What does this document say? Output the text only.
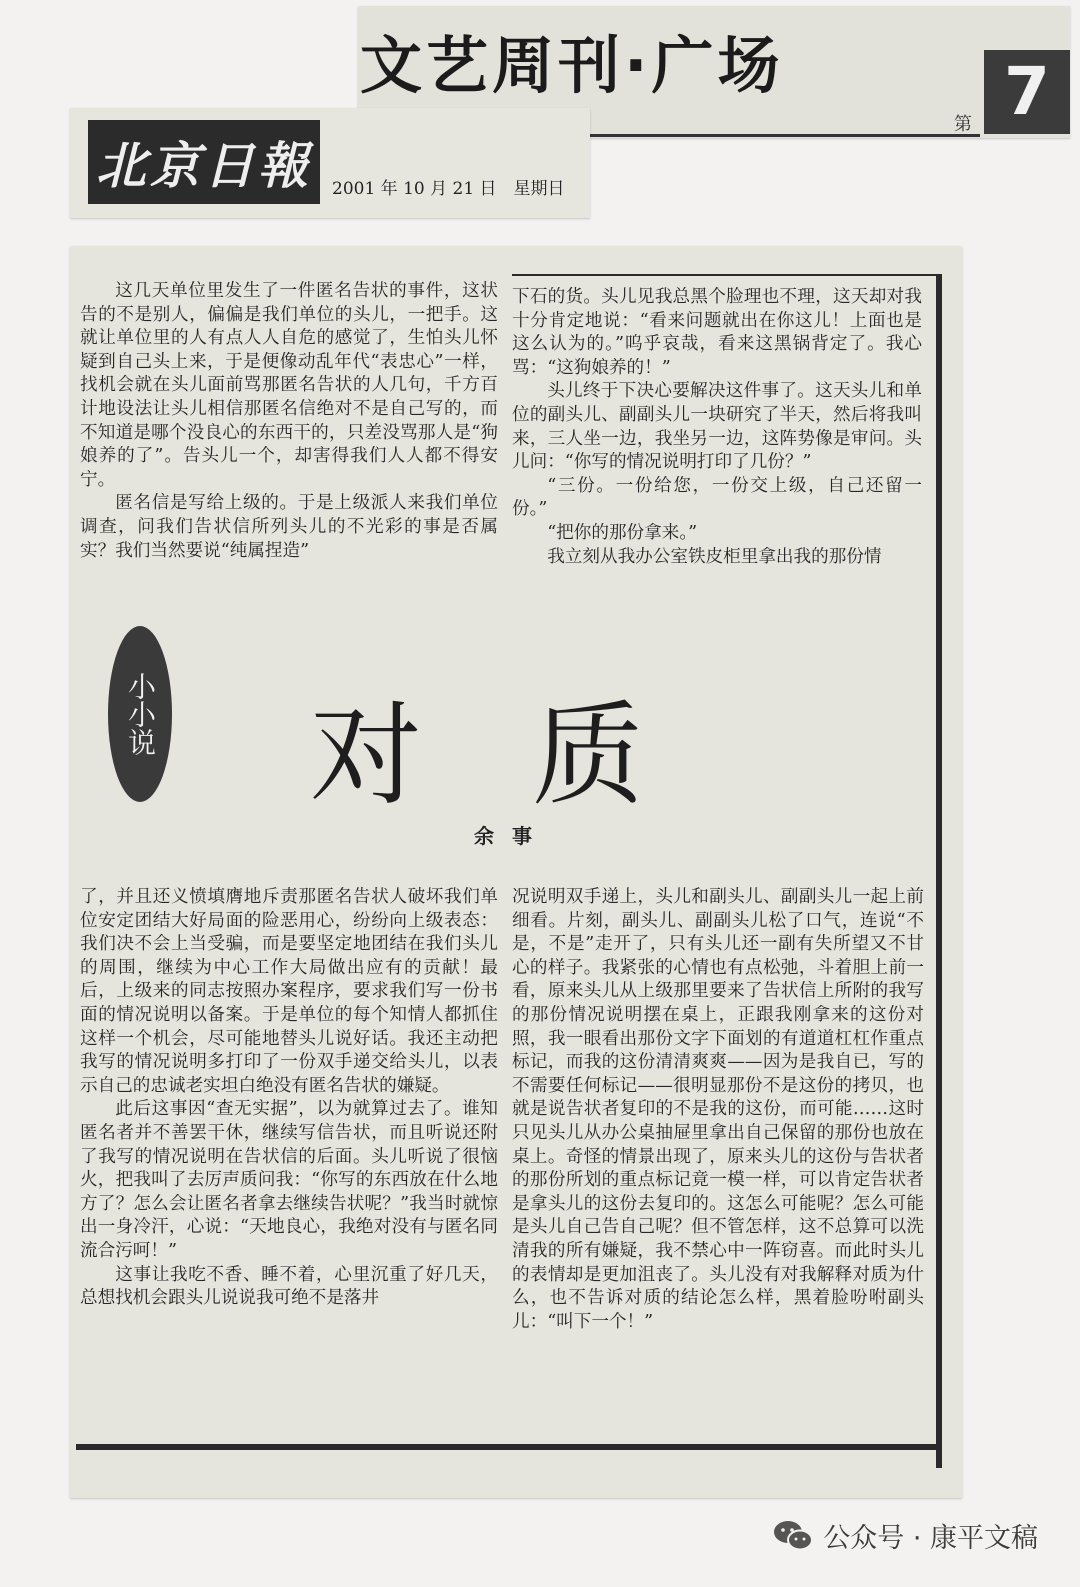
文艺周刊·广场
第 7
北京日報	2001 年 10 月 21 日　星期日

这几天单位里发生了一件匿名告状的事件，这状告的不是别人，偏偏是我们单位的头儿，一把手。这就让单位里的人有点人人自危的感觉了，生怕头儿怀疑到自己头上来，于是便像动乱年代“表忠心”一样，找机会就在头儿面前骂那匿名告状的人几句，千方百计地设法让头儿相信那匿名信绝对不是自己写的，而不知道是哪个没良心的东西干的，只差没骂那人是“狗娘养的了”。告头儿一个，却害得我们人人都不得安宁。

匿名信是写给上级的。于是上级派人来我们单位调查，问我们告状信所列头儿的不光彩的事是否属实？我们当然要说“纯属捏造”

下石的货。头儿见我总黑个脸理也不理，这天却对我十分肯定地说：“看来问题就出在你这儿！上面也是这么认为的。”呜乎哀哉，看来这黑锅背定了。我心骂：“这狗娘养的！”

头儿终于下决心要解决这件事了。这天头儿和单位的副头儿、副副头儿一块研究了半天，然后将我叫来，三人坐一边，我坐另一边，这阵势像是审问。头儿问：“你写的情况说明打印了几份？”

“三份。一份给您，一份交上级，自己还留一份。”

“把你的那份拿来。”

我立刻从我办公室铁皮柜里拿出我的那份情

小小说 对质
余事

了，并且还义愤填膺地斥责那匿名告状人破坏我们单位安定团结大好局面的险恶用心，纷纷向上级表态：我们决不会上当受骗，而是要坚定地团结在我们头儿的周围，继续为中心工作大局做出应有的贡献！最后，上级来的同志按照办案程序，要求我们写一份书面的情况说明以备案。于是单位的每个知情人都抓住这样一个机会，尽可能地替头儿说好话。我还主动把我写的情况说明多打印了一份双手递交给头儿，以表示自己的忠诚老实坦白绝没有匿名告状的嫌疑。

此后这事因“查无实据”，以为就算过去了。谁知匿名者并不善罢干休，继续写信告状，而且听说还附了我写的情况说明在告状信的后面。头儿听说了很恼火，把我叫了去厉声质问我：“你写的东西放在什么地方了？怎么会让匿名者拿去继续告状呢？”我当时就惊出一身冷汗，心说：“天地良心，我绝对没有与匿名同流合污呵！”

这事让我吃不香、睡不着，心里沉重了好几天，总想找机会跟头儿说说我可绝不是落井

况说明双手递上，头儿和副头儿、副副头儿一起上前细看。片刻，副头儿、副副头儿松了口气，连说“不是，不是”走开了，只有头儿还一副有失所望又不甘心的样子。我紧张的心情也有点松弛，斗着胆上前一看，原来头儿从上级那里要来了告状信上所附的我写的那份情况说明摆在桌上，正跟我刚拿来的这份对照，我一眼看出那份文字下面划的有道道杠杠作重点标记，而我的这份清清爽爽——因为是我自已，写的不需要任何标记——很明显那份不是这份的拷贝，也就是说告状者复印的不是我的这份，而可能……这时只见头儿从办公桌抽屉里拿出自己保留的那份也放在桌上。奇怪的情景出现了，原来头儿的这份与告状者的那份所划的重点标记竟一模一样，可以肯定告状者是拿头儿的这份去复印的。这怎么可能呢？怎么可能是头儿自己告自己呢？但不管怎样，这不总算可以洗清我的所有嫌疑，我不禁心中一阵窃喜。而此时头儿的表情却是更加沮丧了。头儿没有对我解释对质为什么，也不告诉对质的结论怎么样，黑着脸吩咐副头儿：“叫下一个！”

公众号 · 康平文稿
